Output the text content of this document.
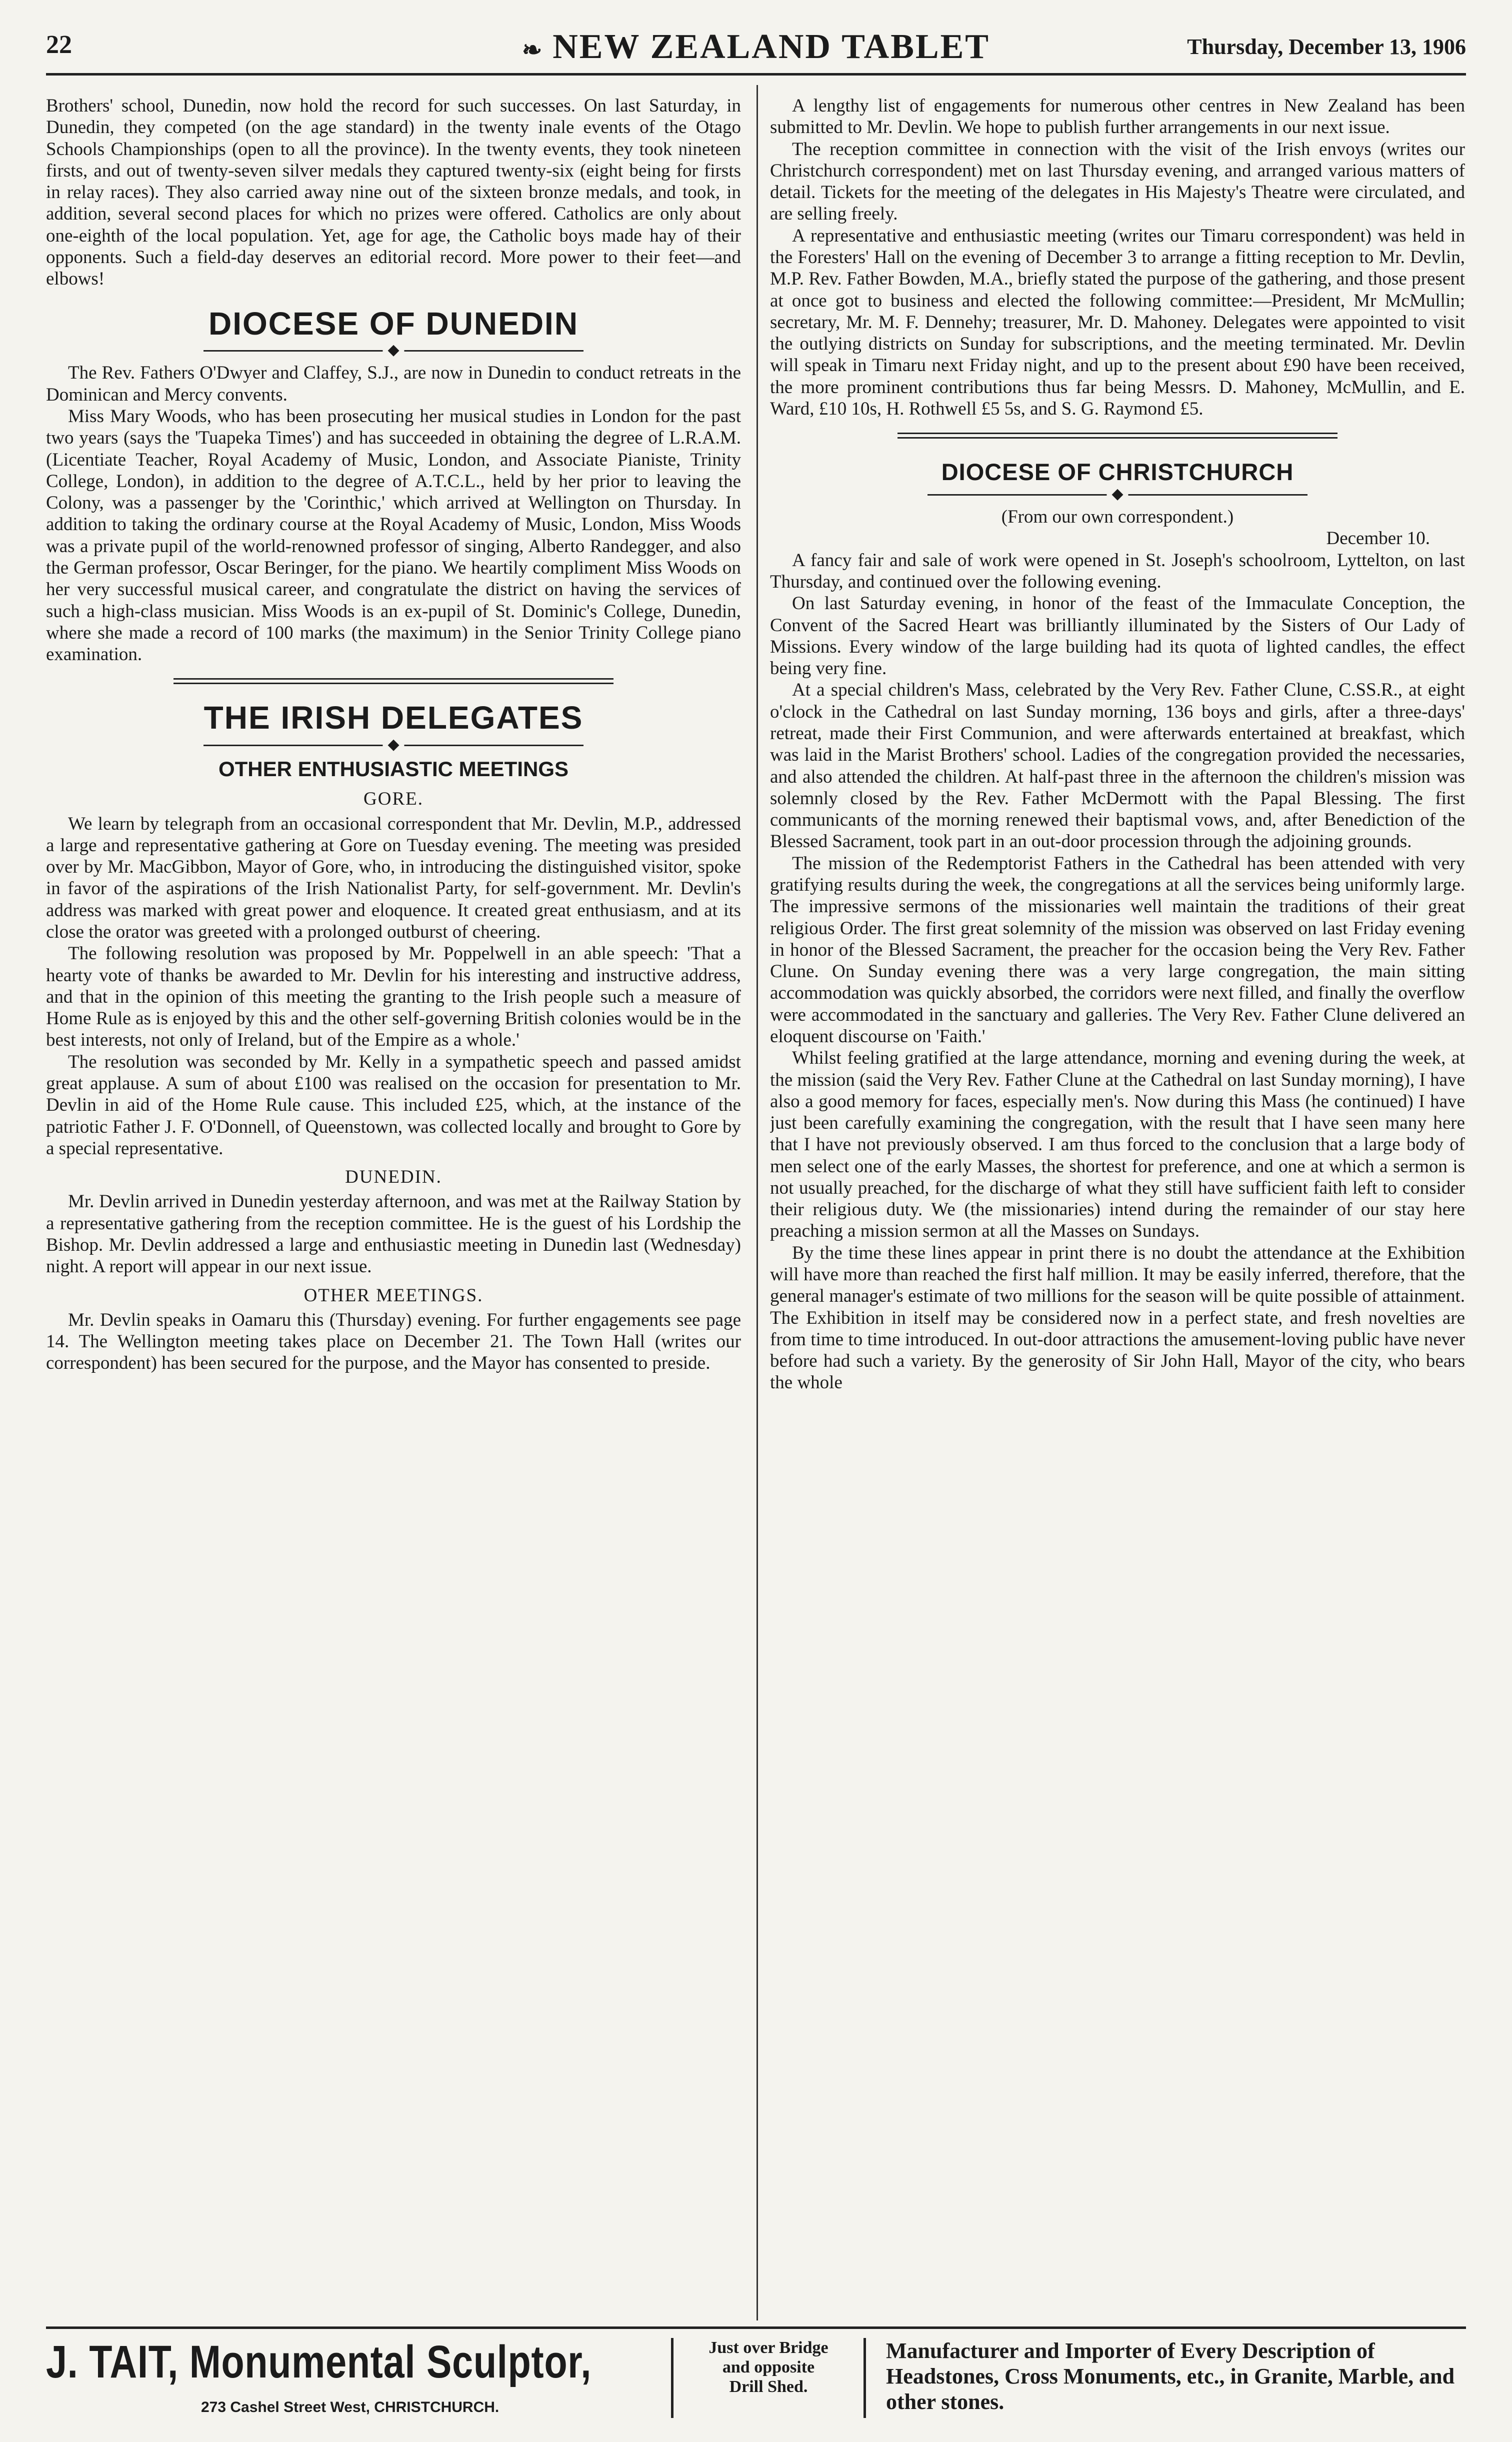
22	❧ NEW ZEALAND TABLET	Thursday, December 13, 1906

Brothers' school, Dunedin, now hold the record for such successes. On last Saturday, in Dunedin, they competed (on the age standard) in the twenty inale events of the Otago Schools Championships (open to all the province). In the twenty events, they took nineteen firsts, and out of twenty-seven silver medals they captured twenty-six (eight being for firsts in relay races). They also carried away nine out of the sixteen bronze medals, and took, in addition, several second places for which no prizes were offered. Catholics are only about one-eighth of the local population. Yet, age for age, the Catholic boys made hay of their opponents. Such a field-day deserves an editorial record. More power to their feet—and elbows!

DIOCESE OF DUNEDIN
◆

The Rev. Fathers O'Dwyer and Claffey, S.J., are now in Dunedin to conduct retreats in the Dominican and Mercy convents.

Miss Mary Woods, who has been prosecuting her musical studies in London for the past two years (says the 'Tuapeka Times') and has succeeded in obtaining the degree of L.R.A.M. (Licentiate Teacher, Royal Academy of Music, London, and Associate Pianiste, Trinity College, London), in addition to the degree of A.T.C.L., held by her prior to leaving the Colony, was a passenger by the 'Corinthic,' which arrived at Wellington on Thursday. In addition to taking the ordinary course at the Royal Academy of Music, London, Miss Woods was a private pupil of the world-renowned professor of singing, Alberto Randegger, and also the German professor, Oscar Beringer, for the piano. We heartily compliment Miss Woods on her very successful musical career, and congratulate the district on having the services of such a high-class musician. Miss Woods is an ex-pupil of St. Dominic's College, Dunedin, where she made a record of 100 marks (the maximum) in the Senior Trinity College piano examination.

THE IRISH DELEGATES
◆
OTHER ENTHUSIASTIC MEETINGS

GORE.

We learn by telegraph from an occasional correspondent that Mr. Devlin, M.P., addressed a large and representative gathering at Gore on Tuesday evening. The meeting was presided over by Mr. MacGibbon, Mayor of Gore, who, in introducing the distinguished visitor, spoke in favor of the aspirations of the Irish Nationalist Party, for self-government. Mr. Devlin's address was marked with great power and eloquence. It created great enthusiasm, and at its close the orator was greeted with a prolonged outburst of cheering.

The following resolution was proposed by Mr. Poppelwell in an able speech: 'That a hearty vote of thanks be awarded to Mr. Devlin for his interesting and instructive address, and that in the opinion of this meeting the granting to the Irish people such a measure of Home Rule as is enjoyed by this and the other self-governing British colonies would be in the best interests, not only of Ireland, but of the Empire as a whole.'

The resolution was seconded by Mr. Kelly in a sympathetic speech and passed amidst great applause. A sum of about £100 was realised on the occasion for presentation to Mr. Devlin in aid of the Home Rule cause. This included £25, which, at the instance of the patriotic Father J. F. O'Donnell, of Queenstown, was collected locally and brought to Gore by a special representative.

DUNEDIN.

Mr. Devlin arrived in Dunedin yesterday afternoon, and was met at the Railway Station by a representative gathering from the reception committee. He is the guest of his Lordship the Bishop. Mr. Devlin addressed a large and enthusiastic meeting in Dunedin last (Wednesday) night. A report will appear in our next issue.

OTHER MEETINGS.

Mr. Devlin speaks in Oamaru this (Thursday) evening. For further engagements see page 14. The Wellington meeting takes place on December 21. The Town Hall (writes our correspondent) has been secured for the purpose, and the Mayor has consented to preside.

A lengthy list of engagements for numerous other centres in New Zealand has been submitted to Mr. Devlin. We hope to publish further arrangements in our next issue.

The reception committee in connection with the visit of the Irish envoys (writes our Christchurch correspondent) met on last Thursday evening, and arranged various matters of detail. Tickets for the meeting of the delegates in His Majesty's Theatre were circulated, and are selling freely.

A representative and enthusiastic meeting (writes our Timaru correspondent) was held in the Foresters' Hall on the evening of December 3 to arrange a fitting reception to Mr. Devlin, M.P. Rev. Father Bowden, M.A., briefly stated the purpose of the gathering, and those present at once got to business and elected the following committee:—President, Mr McMullin; secretary, Mr. M. F. Dennehy; treasurer, Mr. D. Mahoney. Delegates were appointed to visit the outlying districts on Sunday for subscriptions, and the meeting terminated. Mr. Devlin will speak in Timaru next Friday night, and up to the present about £90 have been received, the more prominent contributions thus far being Messrs. D. Mahoney, McMullin, and E. Ward, £10 10s, H. Rothwell £5 5s, and S. G. Raymond £5.

DIOCESE OF CHRISTCHURCH
◆

(From our own correspondent.)

December 10.

A fancy fair and sale of work were opened in St. Joseph's schoolroom, Lyttelton, on last Thursday, and continued over the following evening.

On last Saturday evening, in honor of the feast of the Immaculate Conception, the Convent of the Sacred Heart was brilliantly illuminated by the Sisters of Our Lady of Missions. Every window of the large building had its quota of lighted candles, the effect being very fine.

At a special children's Mass, celebrated by the Very Rev. Father Clune, C.SS.R., at eight o'clock in the Cathedral on last Sunday morning, 136 boys and girls, after a three-days' retreat, made their First Communion, and were afterwards entertained at breakfast, which was laid in the Marist Brothers' school. Ladies of the congregation provided the necessaries, and also attended the children. At half-past three in the afternoon the children's mission was solemnly closed by the Rev. Father McDermott with the Papal Blessing. The first communicants of the morning renewed their baptismal vows, and, after Benediction of the Blessed Sacrament, took part in an out-door procession through the adjoining grounds.

The mission of the Redemptorist Fathers in the Cathedral has been attended with very gratifying results during the week, the congregations at all the services being uniformly large. The impressive sermons of the missionaries well maintain the traditions of their great religious Order. The first great solemnity of the mission was observed on last Friday evening in honor of the Blessed Sacrament, the preacher for the occasion being the Very Rev. Father Clune. On Sunday evening there was a very large congregation, the main sitting accommodation was quickly absorbed, the corridors were next filled, and finally the overflow were accommodated in the sanctuary and galleries. The Very Rev. Father Clune delivered an eloquent discourse on 'Faith.'

Whilst feeling gratified at the large attendance, morning and evening during the week, at the mission (said the Very Rev. Father Clune at the Cathedral on last Sunday morning), I have also a good memory for faces, especially men's. Now during this Mass (he continued) I have just been carefully examining the congregation, with the result that I have seen many here that I have not previously observed. I am thus forced to the conclusion that a large body of men select one of the early Masses, the shortest for preference, and one at which a sermon is not usually preached, for the discharge of what they still have sufficient faith left to consider their religious duty. We (the missionaries) intend during the remainder of our stay here preaching a mission sermon at all the Masses on Sundays.

By the time these lines appear in print there is no doubt the attendance at the Exhibition will have more than reached the first half million. It may be easily inferred, therefore, that the general manager's estimate of two millions for the season will be quite possible of attainment. The Exhibition in itself may be considered now in a perfect state, and fresh novelties are from time to time introduced. In out-door attractions the amusement-loving public have never before had such a variety. By the generosity of Sir John Hall, Mayor of the city, who bears the whole

J. TAIT, Monumental Sculptor,
273 Cashel Street West, CHRISTCHURCH.
Just over Bridge
and opposite
Drill Shed.
Manufacturer and Importer of Every Description of Headstones, Cross Monuments, etc., in Granite, Marble, and other stones.
